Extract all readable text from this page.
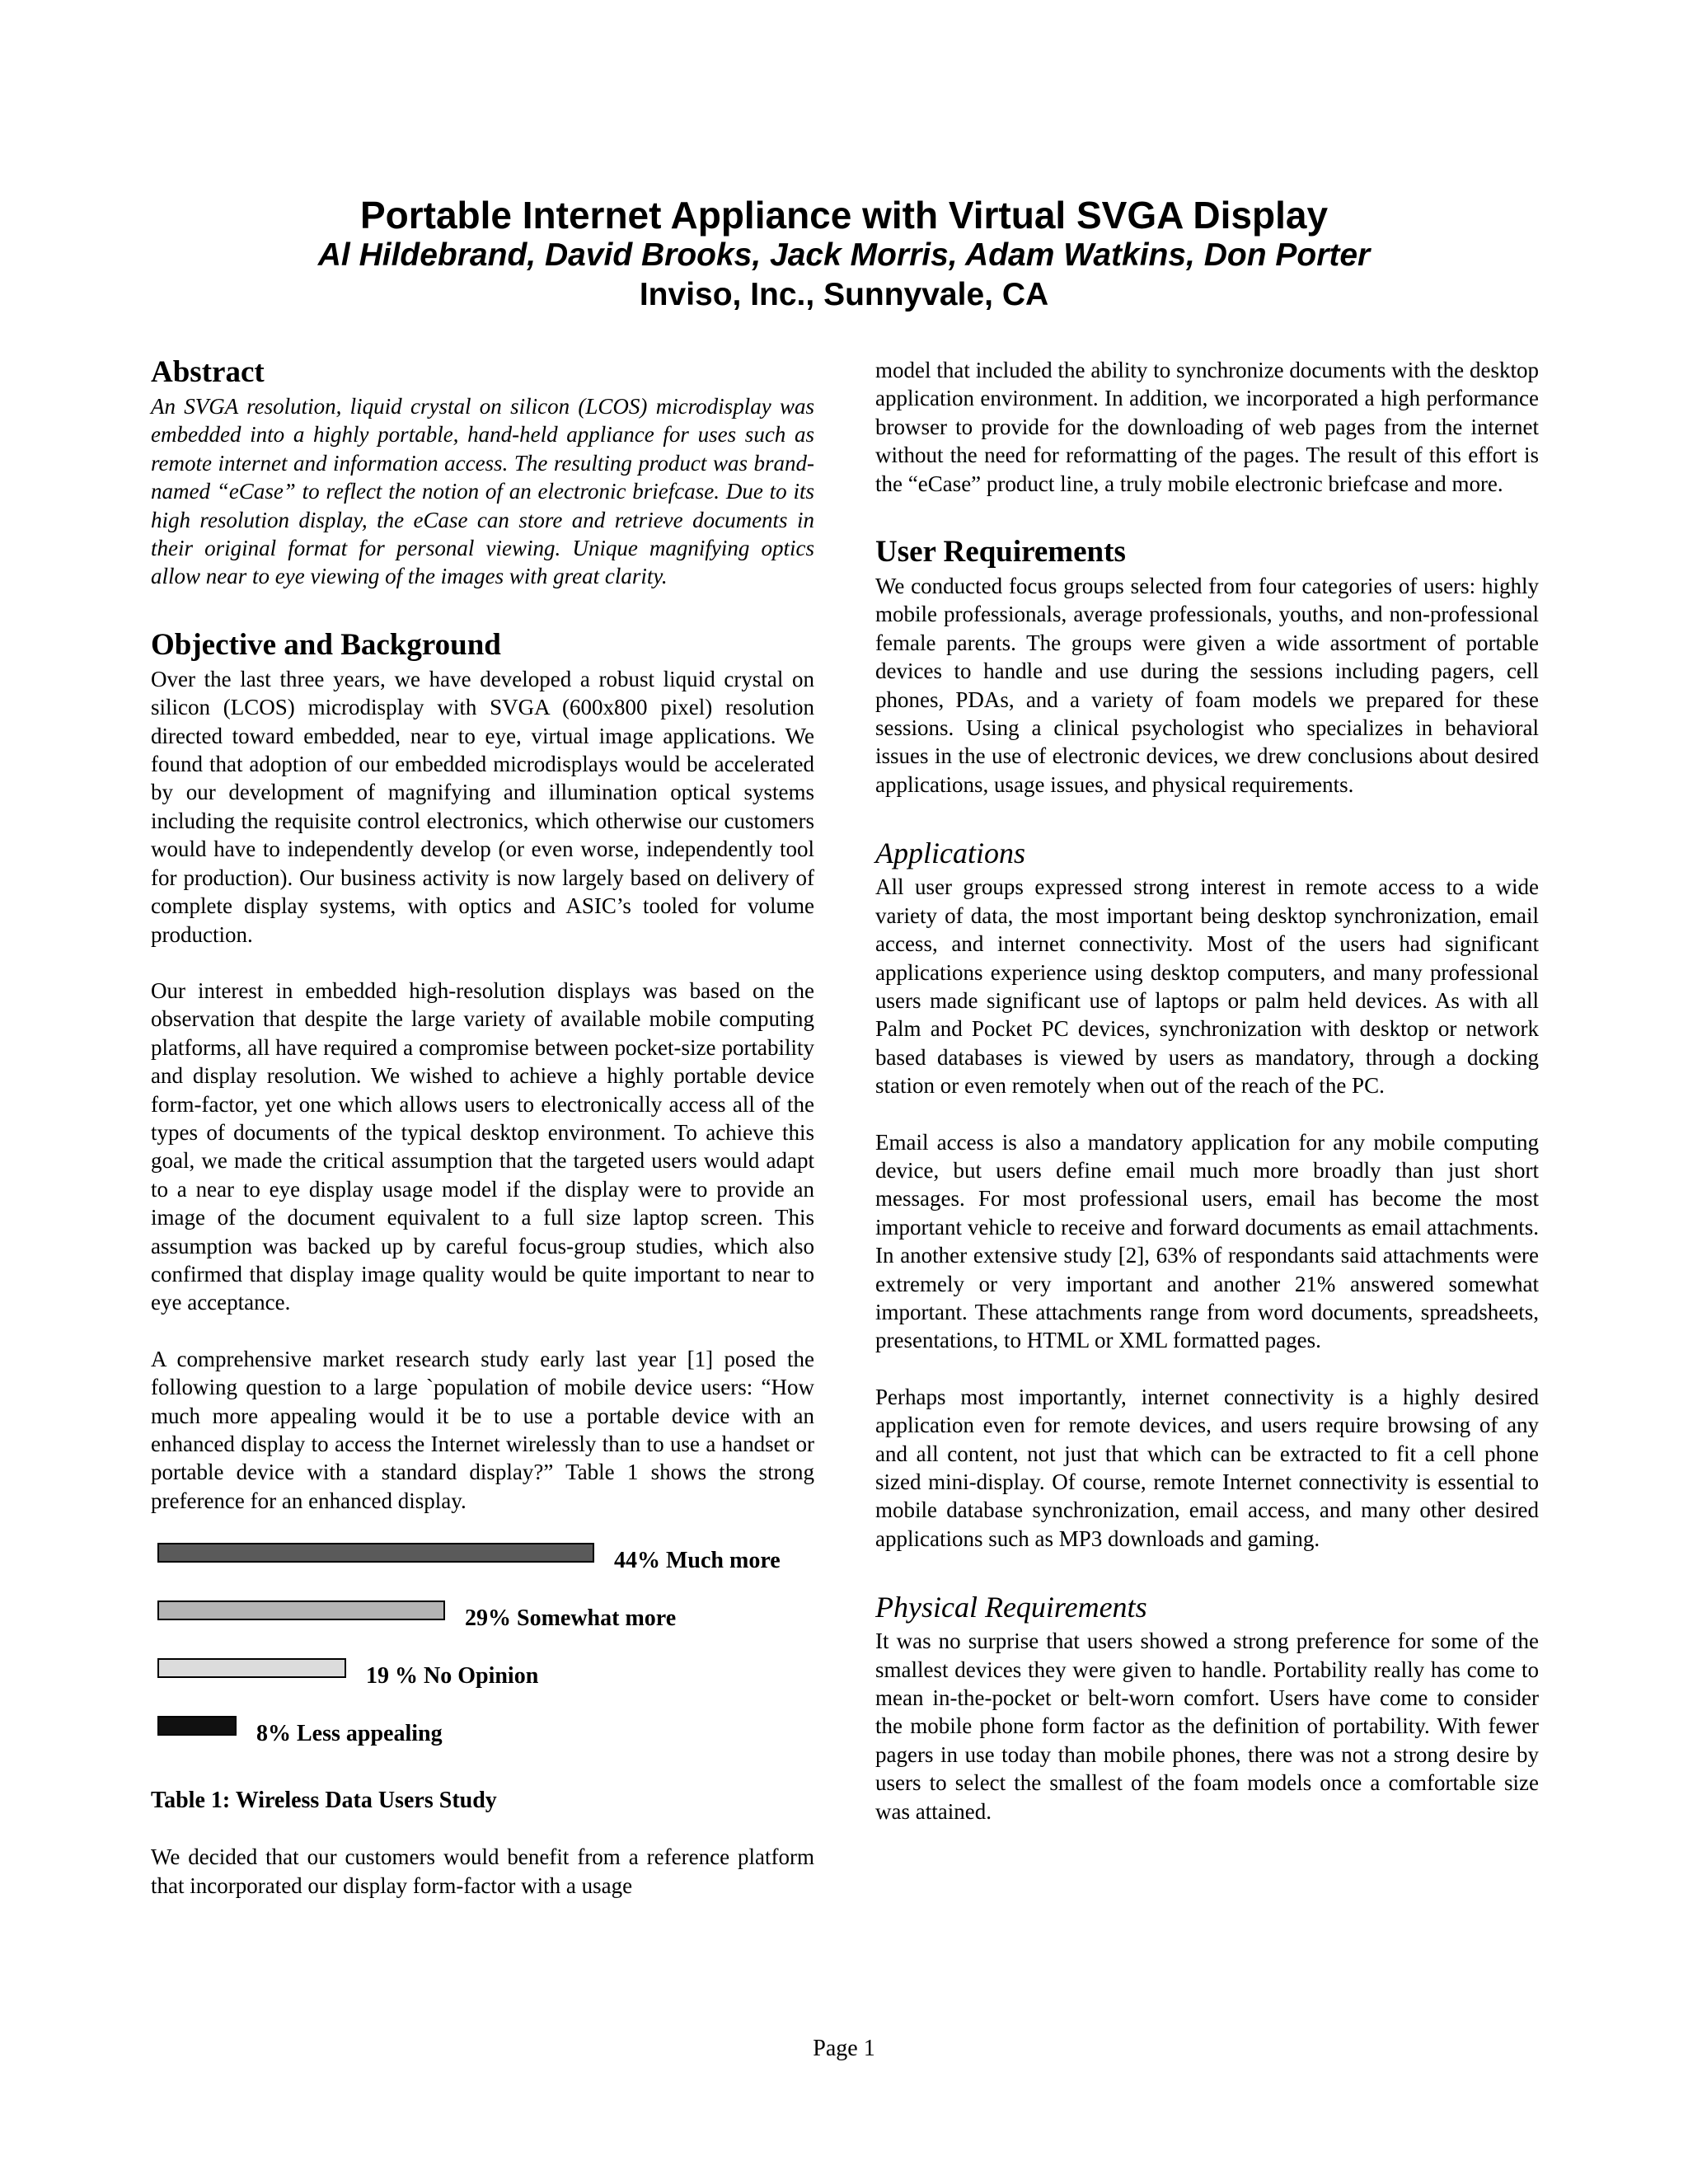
Portable Internet Appliance with Virtual SVGA Display
Al Hildebrand, David Brooks, Jack Morris, Adam Watkins, Don Porter
Inviso, Inc., Sunnyvale, CA
Abstract

An SVGA resolution, liquid crystal on silicon (LCOS) microdisplay was embedded into a highly portable, hand-held appliance for uses such as remote internet and information access. The resulting product was brand-named “eCase” to reflect the notion of an electronic briefcase. Due to its high resolution display, the eCase can store and retrieve documents in their original format for personal viewing. Unique magnifying optics allow near to eye viewing of the images with great clarity.

Objective and Background

Over the last three years, we have developed a robust liquid crystal on silicon (LCOS) microdisplay with SVGA (600x800 pixel) resolution directed toward embedded, near to eye, virtual image applications. We found that adoption of our embedded microdisplays would be accelerated by our development of magnifying and illumination optical systems including the requisite control electronics, which otherwise our customers would have to independently develop (or even worse, independently tool for production). Our business activity is now largely based on delivery of complete display systems, with optics and ASIC’s tooled for volume production.

Our interest in embedded high-resolution displays was based on the observation that despite the large variety of available mobile computing platforms, all have required a compromise between pocket-size portability and display resolution. We wished to achieve a highly portable device form-factor, yet one which allows users to electronically access all of the types of documents of the typical desktop environment. To achieve this goal, we made the critical assumption that the targeted users would adapt to a near to eye display usage model if the display were to provide an image of the document equivalent to a full size laptop screen. This assumption was backed up by careful focus-group studies, which also confirmed that display image quality would be quite important to near to eye acceptance.

A comprehensive market research study early last year [1] posed the following question to a large `population of mobile device users: “How much more appealing would it be to use a portable device with an enhanced display to access the Internet wirelessly than to use a handset or portable device with a standard display?” Table 1 shows the strong preference for an enhanced display.

44% Much more
29% Somewhat more
19 % No Opinion
8% Less appealing
Table 1: Wireless Data Users Study

We decided that our customers would benefit from a reference platform that incorporated our display form-factor with a usage

model that included the ability to synchronize documents with the desktop application environment. In addition, we incorporated a high performance browser to provide for the downloading of web pages from the internet without the need for reformatting of the pages. The result of this effort is the “eCase” product line, a truly mobile electronic briefcase and more.

User Requirements

We conducted focus groups selected from four categories of users: highly mobile professionals, average professionals, youths, and non-professional female parents. The groups were given a wide assortment of portable devices to handle and use during the sessions including pagers, cell phones, PDAs, and a variety of foam models we prepared for these sessions. Using a clinical psychologist who specializes in behavioral issues in the use of electronic devices, we drew conclusions about desired applications, usage issues, and physical requirements.

Applications

All user groups expressed strong interest in remote access to a wide variety of data, the most important being desktop synchronization, email access, and internet connectivity. Most of the users had significant applications experience using desktop computers, and many professional users made significant use of laptops or palm held devices. As with all Palm and Pocket PC devices, synchronization with desktop or network based databases is viewed by users as mandatory, through a docking station or even remotely when out of the reach of the PC.

Email access is also a mandatory application for any mobile computing device, but users define email much more broadly than just short messages. For most professional users, email has become the most important vehicle to receive and forward documents as email attachments. In another extensive study [2], 63% of respondants said attachments were extremely or very important and another 21% answered somewhat important. These attachments range from word documents, spreadsheets, presentations, to HTML or XML formatted pages.

Perhaps most importantly, internet connectivity is a highly desired application even for remote devices, and users require browsing of any and all content, not just that which can be extracted to fit a cell phone sized mini-display. Of course, remote Internet connectivity is essential to mobile database synchronization, email access, and many other desired applications such as MP3 downloads and gaming.

Physical Requirements

It was no surprise that users showed a strong preference for some of the smallest devices they were given to handle. Portability really has come to mean in-the-pocket or belt-worn comfort. Users have come to consider the mobile phone form factor as the definition of portability. With fewer pagers in use today than mobile phones, there was not a strong desire by users to select the smallest of the foam models once a comfortable size was attained.

Page 1
